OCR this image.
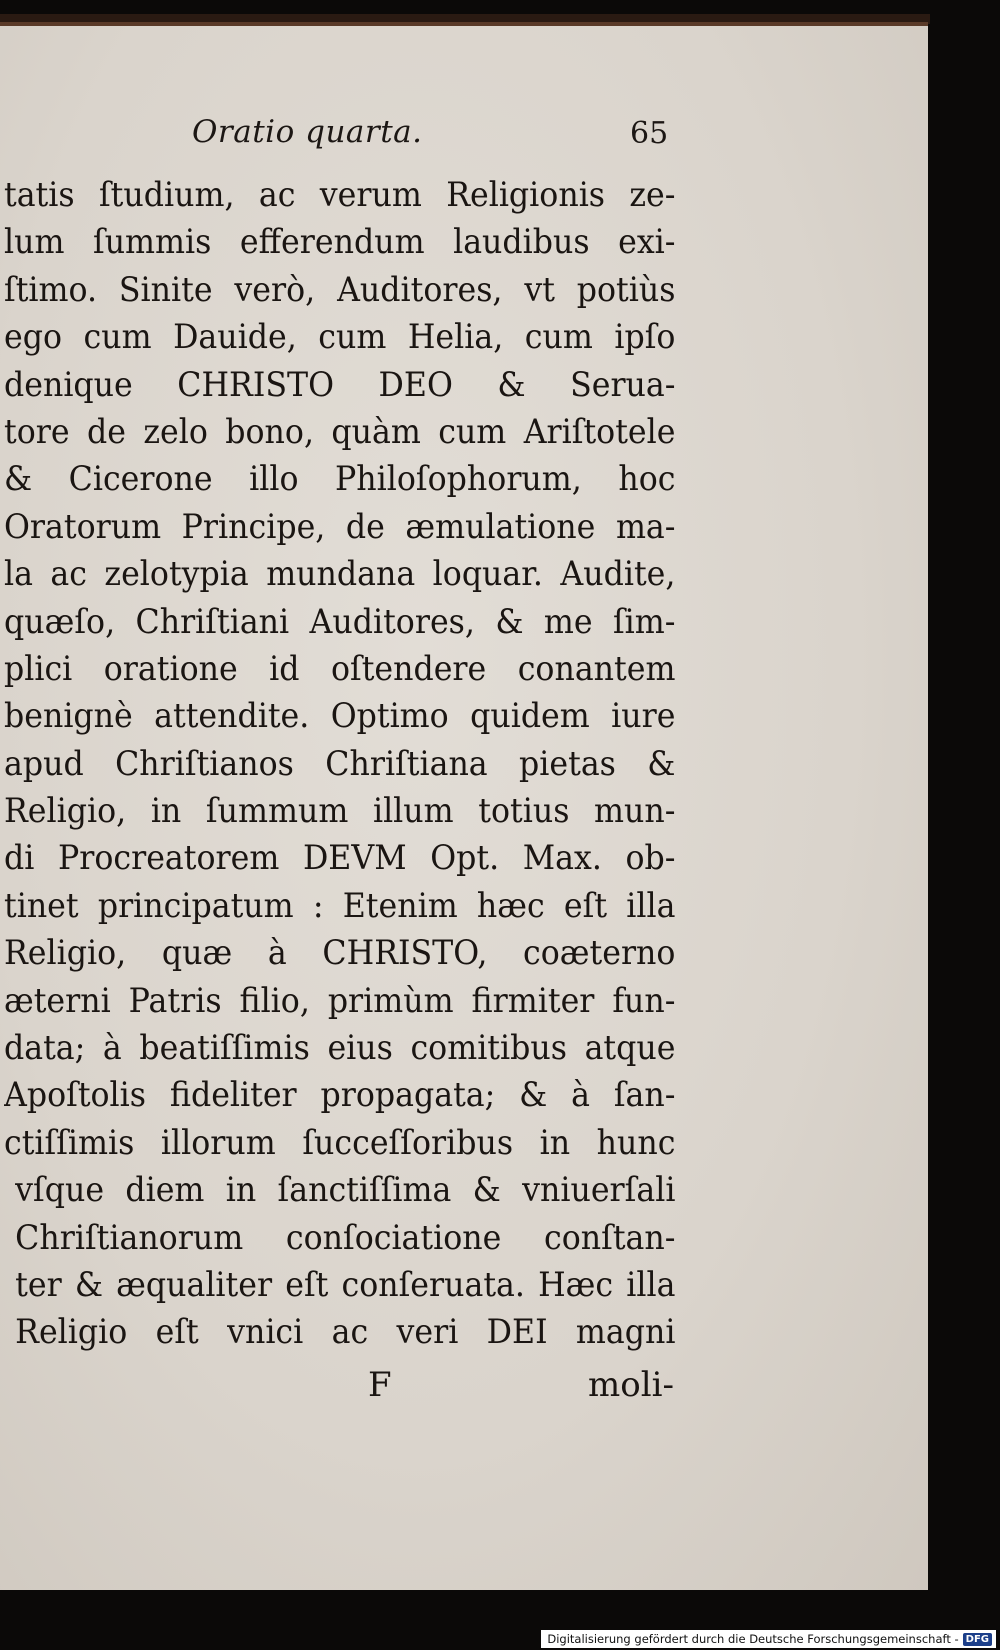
Oratio quarta.	65
tatis ſtudium, ac verum Religionis ze-
lum ſummis efferendum laudibus exi-
ſtimo. Sinite verò, Auditores, vt potiùs
ego cum Dauide, cum Helia, cum ipſo
denique CHRISTO DEO & Serua-
tore de zelo bono, quàm cum Ariſtotele
& Cicerone illo Philoſophorum, hoc
Oratorum Principe, de æmulatione ma-
la ac zelotypia mundana loquar. Audite,
quæſo, Chriſtiani Auditores, & me ſim-
plici oratione id oſtendere conantem
benignè attendite. Optimo quidem iure
apud Chriſtianos Chriſtiana pietas &
Religio, in ſummum illum totius mun-
di Procreatorem DEVM Opt. Max. ob-
tinet principatum : Etenim hæc eſt illa
Religio, quæ à CHRISTO, coæterno
æterni Patris filio, primùm firmiter fun-
data; à beatiſſimis eius comitibus atque
Apoſtolis fideliter propagata; & à ſan-
ctiſſimis illorum ſucceſſoribus in hunc
vſque diem in ſanctiſſima & vniuerſali
Chriſtianorum conſociatione conſtan-
ter & æqualiter eſt conſeruata. Hæc illa
Religio eſt vnici ac veri DEI magni
F	moli-
Digitalisierung gefördert durch die Deutsche Forschungsgemeinschaft - DFG
